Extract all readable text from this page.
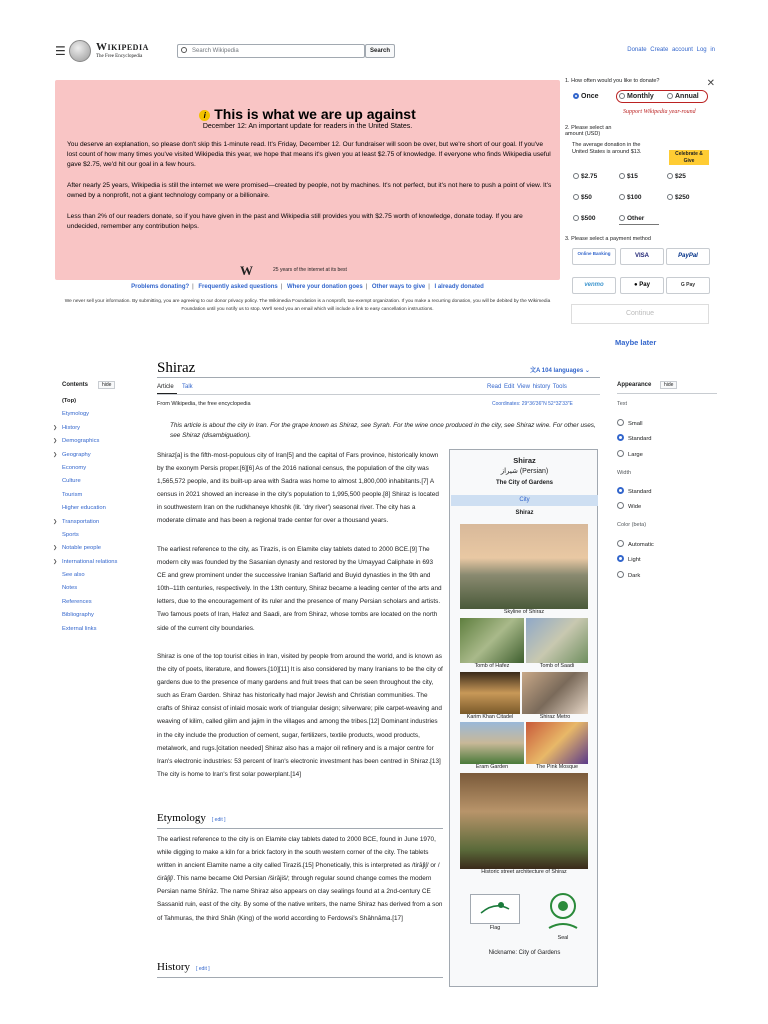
☰	Wikipedia
The Free Encyclopedia
Search Wikipedia	Search	Donate Create account Log in
i This is what we are up against
December 12: An important update for readers in the United States.
You deserve an explanation, so please don't skip this 1-minute read. It's Friday, December 12. Our fundraiser will soon be over, but we're short of our goal. If you've lost count of how many times you've visited Wikipedia this year, we hope that means it's given you at least $2.75 of knowledge. If everyone who finds Wikipedia useful gave $2.75, we'd hit our goal in a few hours.
After nearly 25 years, Wikipedia is still the internet we were promised—created by people, not by machines. It's not perfect, but it's not here to push a point of view. It's owned by a nonprofit, not a giant technology company or a billionaire.
Less than 2% of our readers donate, so if you have given in the past and Wikipedia still provides you with $2.75 worth of knowledge, donate today. If you are undecided, remember any contribution helps.
W	25 years of the internet at its best
Problems donating? | Frequently asked questions | Where your donation goes | Other ways to give | I already donated
We never sell your information. By submitting, you are agreeing to our donor privacy policy. The Wikimedia Foundation is a nonprofit, tax-exempt organization. If you make a recurring donation, you will be debited by the Wikimedia Foundation until you notify us to stop. We'll send you an email which will include a link to easy cancellation instructions.
1. How often would you like to donate?	✕
Once	Monthly	Annual
Support Wikipedia year-round
2. Please select an amount (USD)
The average donation in the United States is around $13.	Celebrate & Give
$2.75	$15	$25
$50	$100	$250
$500	Other
3. Please select a payment method
Online Banking	VISA	PayPal
venmo	● Pay	G Pay
Continue
Maybe later
Shiraz	文A 104 languages ⌄
Article Talk	Read Edit View history Tools
From Wikipedia, the free encyclopedia	Coordinates: 29°36′36″N 52°32′33″E
Contents	hide
(Top)
Etymology
❯ History
❯ Demographics
❯ Geography
Economy
Culture
Tourism
Higher education
❯ Transportation
Sports
❯ Notable people
❯ International relations
See also
Notes
References
Bibliography
External links
Appearance	hide
Text
Small
Standard
Large
Width
Standard
Wide
Color (beta)
Automatic
Light
Dark
This article is about the city in Iran. For the grape known as Shiraz, see Syrah. For the wine once produced in the city, see Shiraz wine. For other uses, see Shiraz (disambiguation).
Shiraz[a] is the fifth-most-populous city of Iran[5] and the capital of Fars province, historically known by the exonym Persis proper.[6][6] As of the 2016 national census, the population of the city was 1,565,572 people, and its built-up area with Sadra was home to almost 1,800,000 inhabitants.[7] A census in 2021 showed an increase in the city's population to 1,995,500 people.[8] Shiraz is located in southwestern Iran on the rudkhaneye khoshk (lit. 'dry river') seasonal river. The city has a moderate climate and has been a regional trade center for over a thousand years.
The earliest reference to the city, as Tirazis, is on Elamite clay tablets dated to 2000 BCE.[9] The modern city was founded by the Sasanian dynasty and restored by the Umayyad Caliphate in 693 CE and grew prominent under the successive Iranian Saffarid and Buyid dynasties in the 9th and 10th–11th centuries, respectively. In the 13th century, Shiraz became a leading center of the arts and letters, due to the encouragement of its ruler and the presence of many Persian scholars and artists. Two famous poets of Iran, Hafez and Saadi, are from Shiraz, whose tombs are located on the north side of the current city boundaries.
Shiraz is one of the top tourist cities in Iran, visited by people from around the world, and is known as the city of poets, literature, and flowers.[10][11] It is also considered by many Iranians to be the city of gardens due to the presence of many gardens and fruit trees that can be seen throughout the city, such as Eram Garden. Shiraz has historically had major Jewish and Christian communities. The crafts of Shiraz consist of inlaid mosaic work of triangular design; silverware; pile carpet-weaving and weaving of kilim, called gilim and jajim in the villages and among the tribes.[12] Dominant industries in the city include the production of cement, sugar, fertilizers, textile products, wood products, metalwork, and rugs.[citation needed] Shiraz also has a major oil refinery and is a major centre for Iran's electronic industries: 53 percent of Iran's electronic investment has been centred in Shiraz.[13] The city is home to Iran's first solar powerplant.[14]
Etymology [ edit ]
The earliest reference to the city is on Elamite clay tablets dated to 2000 BCE, found in June 1970, while digging to make a kiln for a brick factory in the south western corner of the city. The tablets written in ancient Elamite name a city called Tiraziš.[15] Phonetically, this is interpreted as /tirāʃiʃ/ or /ćirāʃiʃ/. This name became Old Persian /širājiš/; through regular sound change comes the modern Persian name Shīrāz. The name Shiraz also appears on clay sealings found at a 2nd-century CE Sassanid ruin, east of the city. By some of the native writers, the name Shiraz has derived from a son of Tahmuras, the third Shāh (King) of the world according to Ferdowsi's Shāhnāma.[17]
History [ edit ]
Shiraz
شیراز (Persian)
The City of Gardens
City
Shiraz
Skyline of Shiraz
Tomb of Hafez	Tomb of Saadi
Karim Khan Citadel	Shiraz Metro
Eram Garden	The Pink Mosque
Historic street architecture of Shiraz
Flag
Seal
Nickname: City of Gardens
